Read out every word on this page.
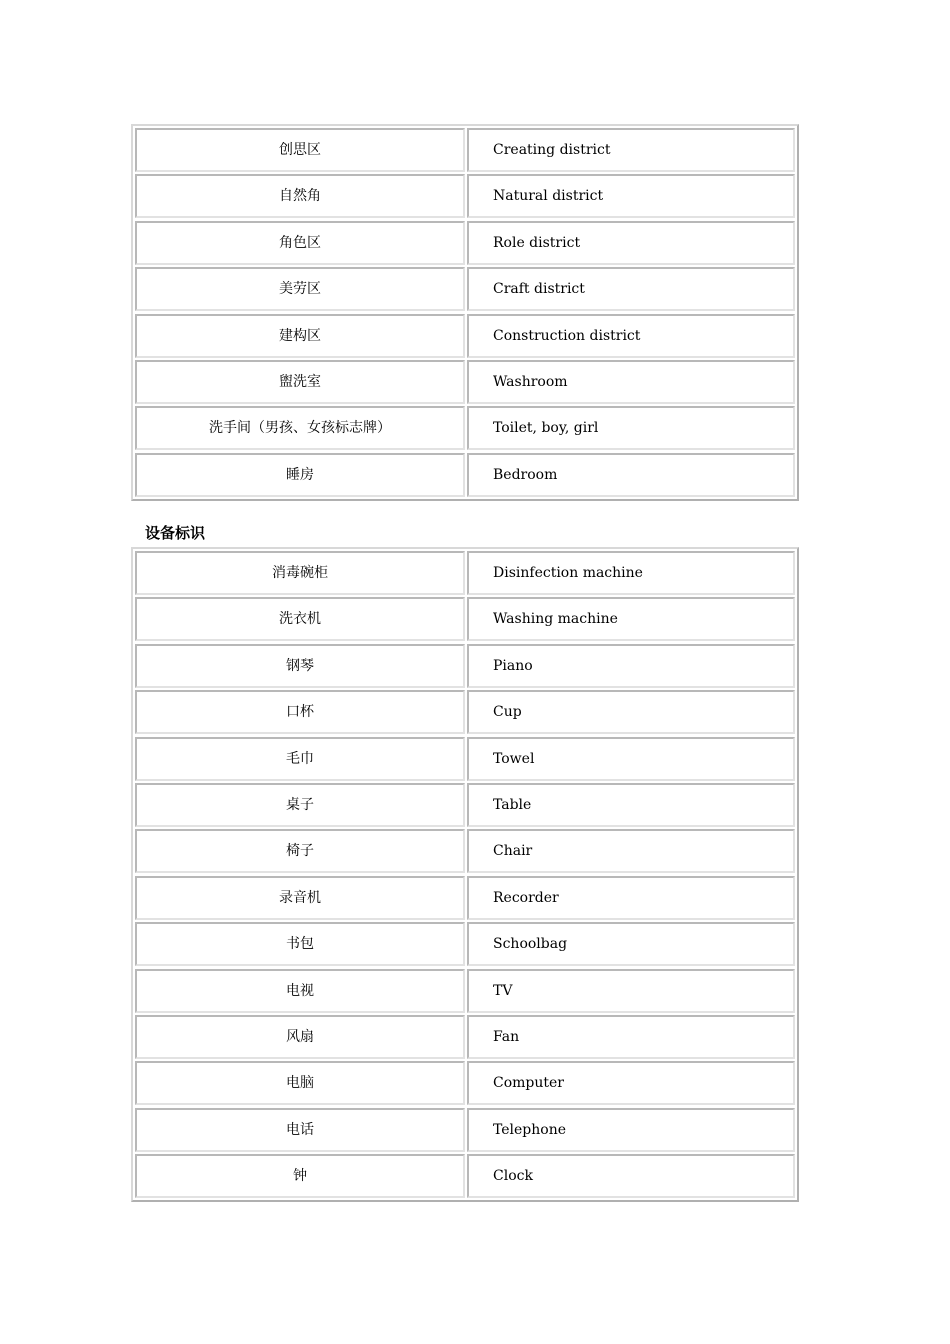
创思区	Creating district
自然角	Natural district
角色区	Role district
美劳区	Craft district
建构区	Construction district
盥洗室	Washroom
洗手间（男孩、女孩标志牌）	Toilet, boy, girl
睡房	Bedroom
设备标识
消毒碗柜	Disinfection machine
洗衣机	Washing machine
钢琴	Piano
口杯	Cup
毛巾	Towel
桌子	Table
椅子	Chair
录音机	Recorder
书包	Schoolbag
电视	TV
风扇	Fan
电脑	Computer
电话	Telephone
钟	Clock
